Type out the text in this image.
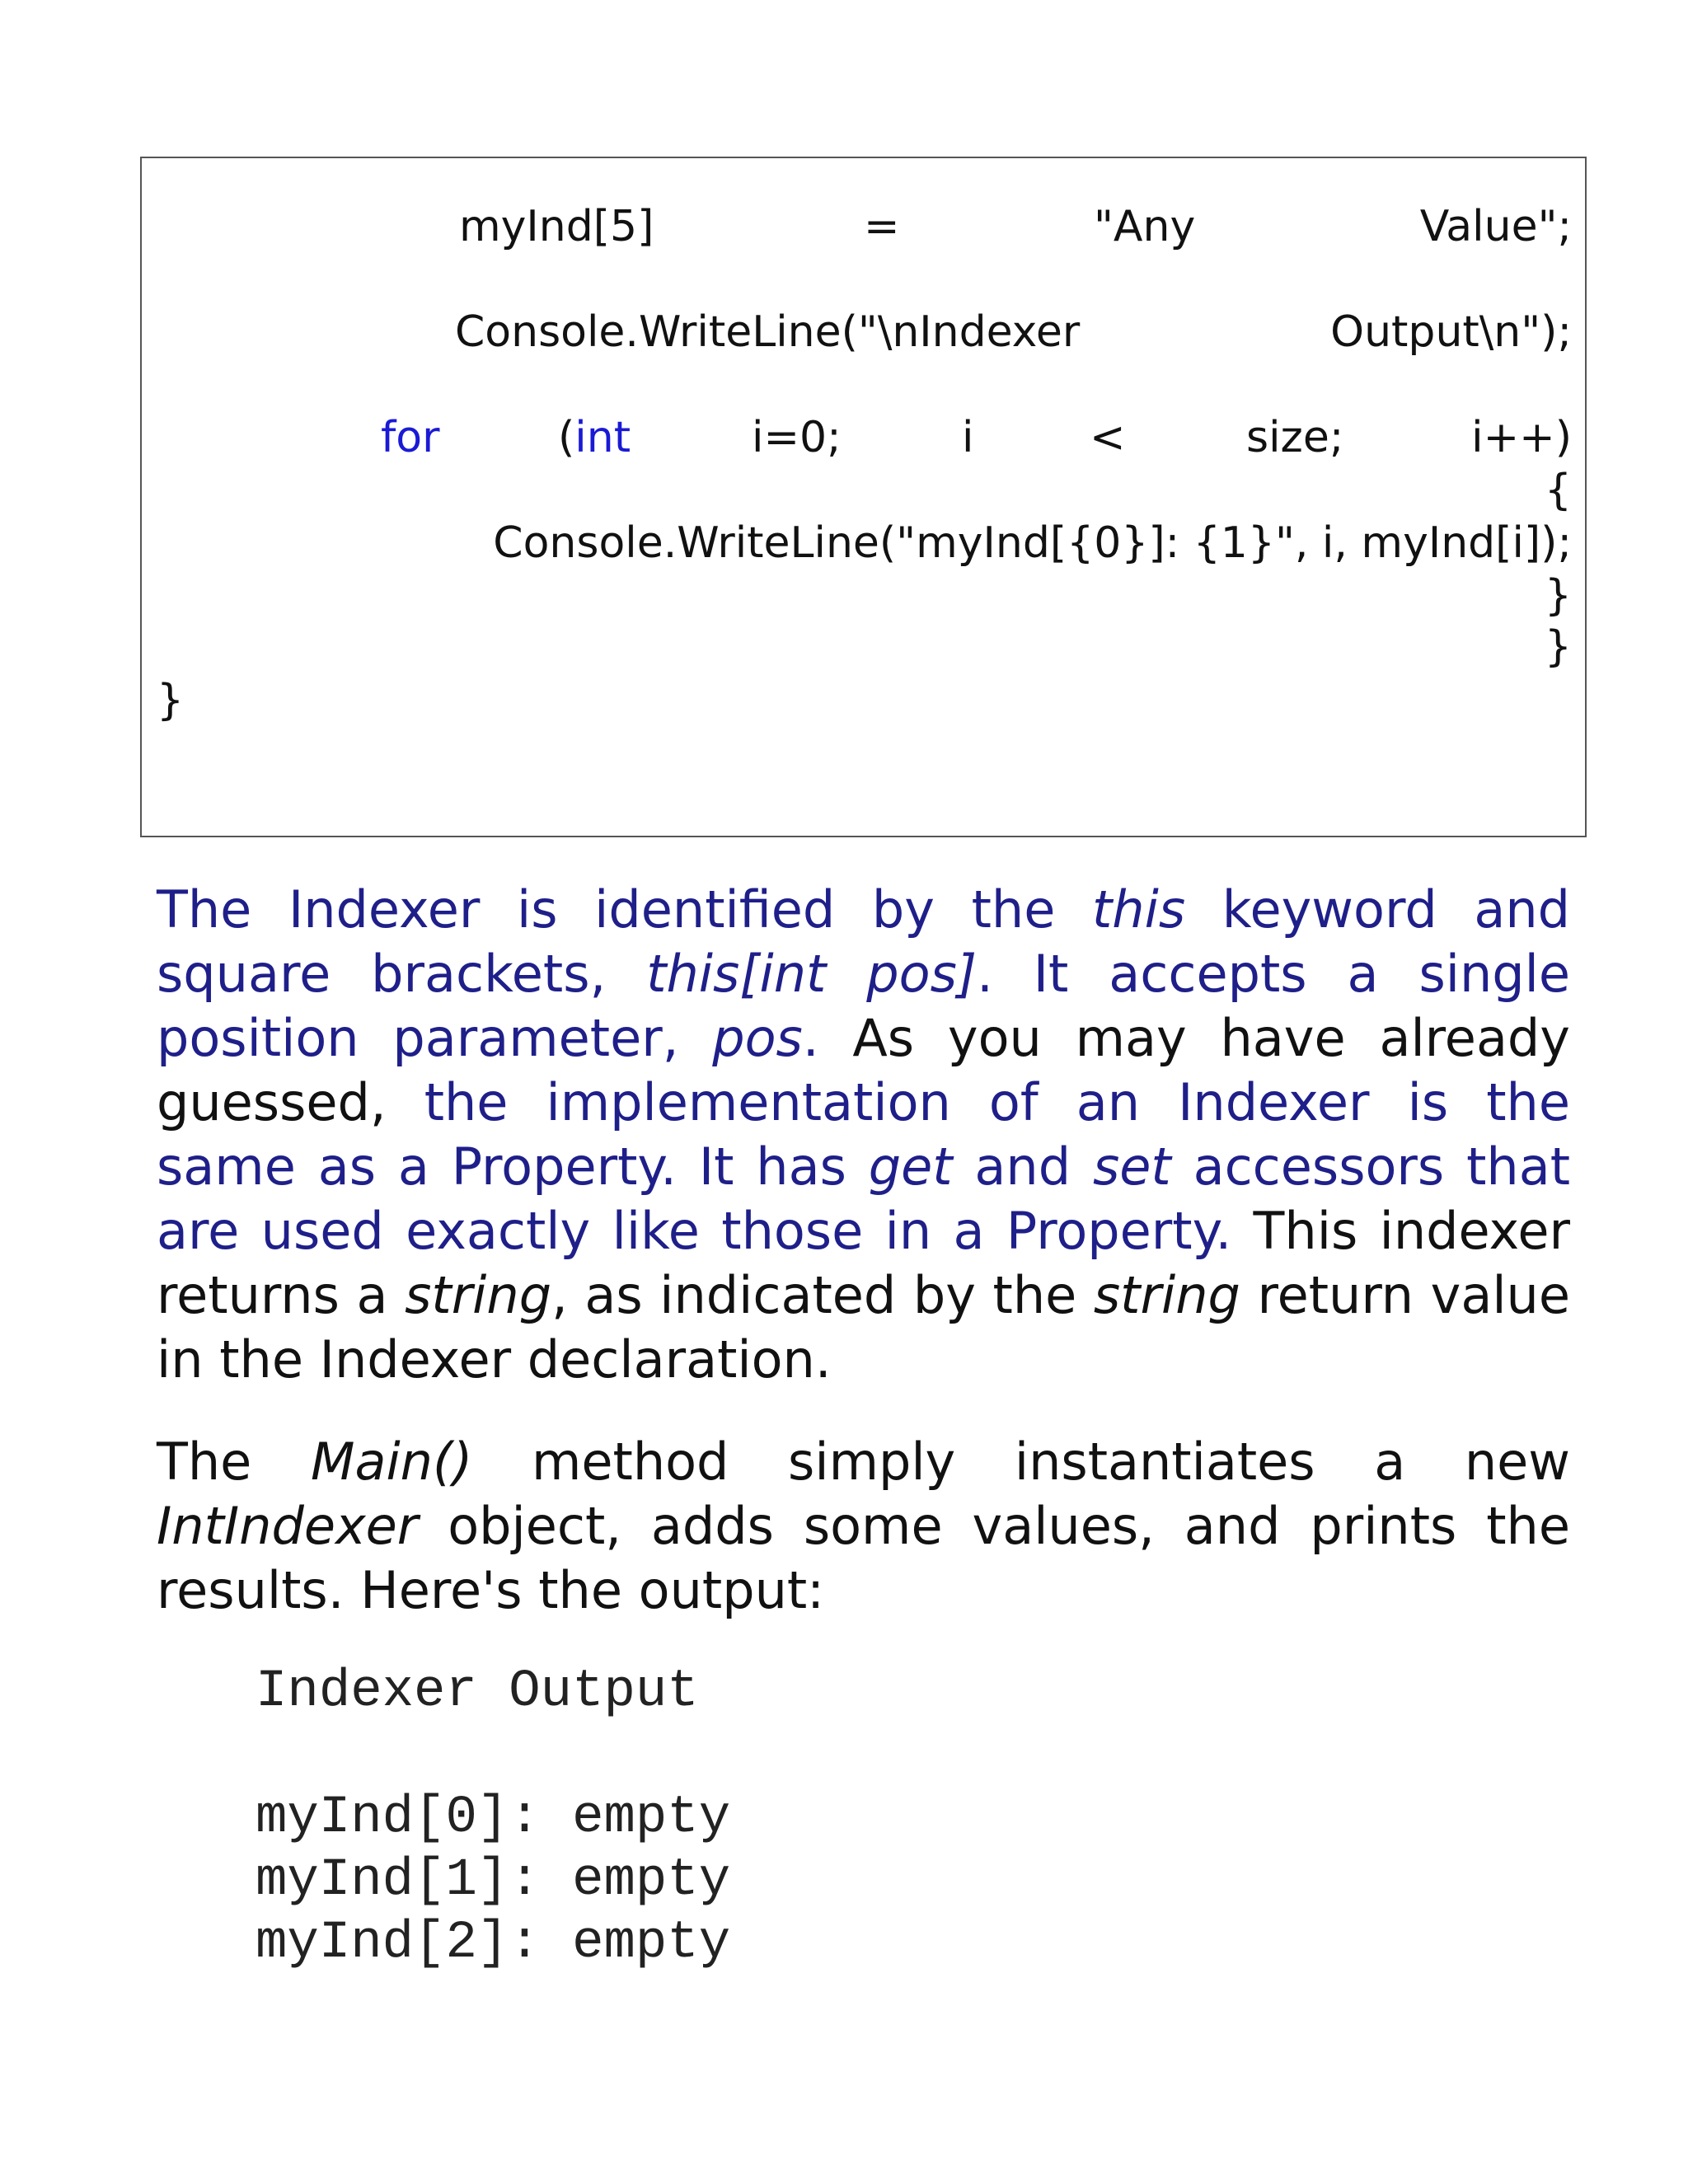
myInd[5]	=	"Any	Value";
Console.WriteLine("\nIndexer	Output\n");
for	(int	i=0;	i	<	size;	i++)
{
Console.WriteLine("myInd[{0}]: {1}", i, myInd[i]);
}
}
}

The Indexer is identified by the this keyword and square brackets, this[int pos]. It accepts a single position parameter, pos. As you may have already guessed, the implementation of an Indexer is the same as a Property. It has get and set accessors that are used exactly like those in a Property. This indexer returns a string, as indicated by the string return value in the Indexer declaration.

The Main() method simply instantiates a new IntIndexer object, adds some values, and prints the results. Here's the output:

Indexer Output
myInd[0]: empty
myInd[1]: empty
myInd[2]: empty
